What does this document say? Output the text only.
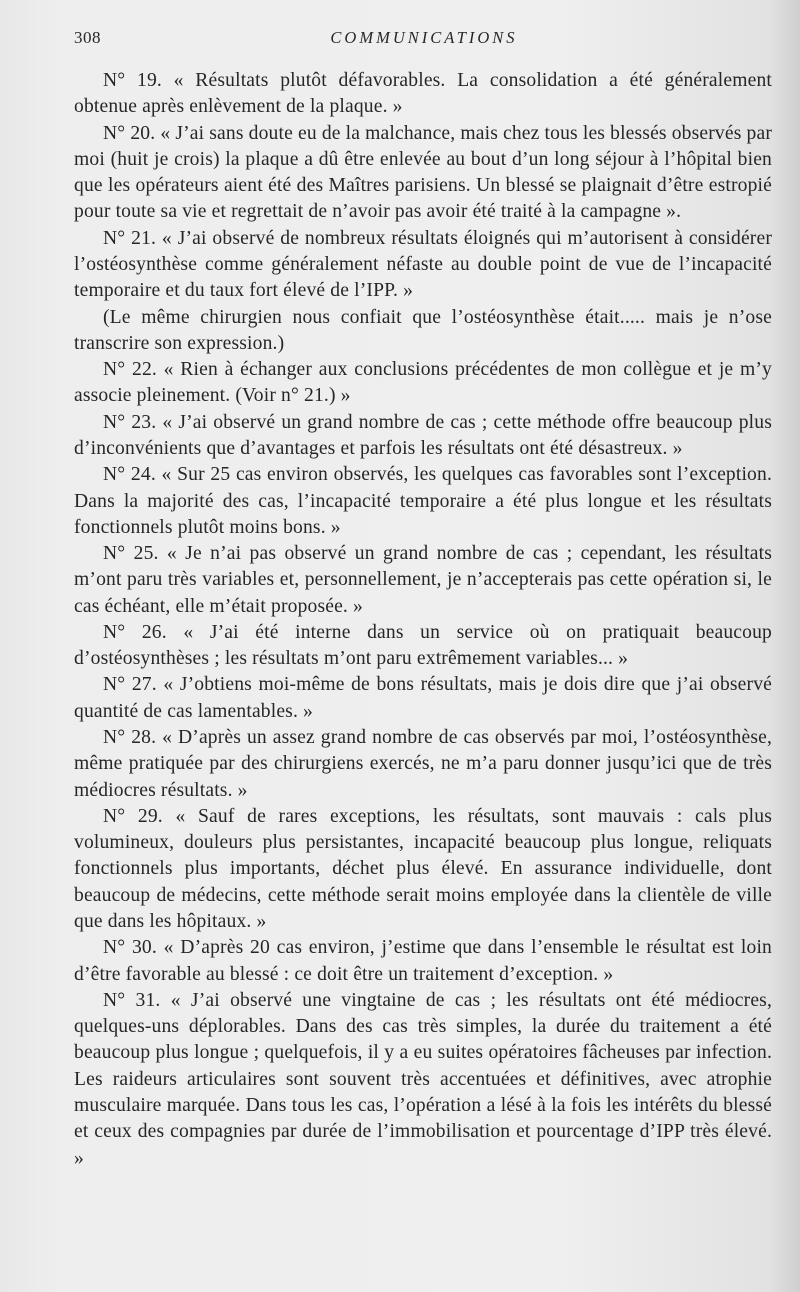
308	COMMUNICATIONS

N° 19. « Résultats plutôt défavorables. La consolidation a été généralement obtenue après enlèvement de la plaque. »

N° 20. « J’ai sans doute eu de la malchance, mais chez tous les blessés observés par moi (huit je crois) la plaque a dû être enlevée au bout d’un long séjour à l’hôpital bien que les opérateurs aient été des Maîtres parisiens. Un blessé se plaignait d’être estropié pour toute sa vie et regrettait de n’avoir pas avoir été traité à la campagne ».

N° 21. « J’ai observé de nombreux résultats éloignés qui m’autorisent à considérer l’ostéosynthèse comme généralement néfaste au double point de vue de l’incapacité temporaire et du taux fort élevé de l’IPP. »

(Le même chirurgien nous confiait que l’ostéosynthèse était..... mais je n’ose transcrire son expression.)

N° 22. « Rien à échanger aux conclusions précédentes de mon collègue et je m’y associe pleinement. (Voir n° 21.) »

N° 23. « J’ai observé un grand nombre de cas ; cette méthode offre beaucoup plus d’inconvénients que d’avantages et parfois les résultats ont été désastreux. »

N° 24. « Sur 25 cas environ observés, les quelques cas favorables sont l’exception. Dans la majorité des cas, l’incapacité temporaire a été plus longue et les résultats fonctionnels plutôt moins bons. »

N° 25. « Je n’ai pas observé un grand nombre de cas ; cependant, les résultats m’ont paru très variables et, personnellement, je n’accepterais pas cette opération si, le cas échéant, elle m’était proposée. »

N° 26. « J’ai été interne dans un service où on pratiquait beaucoup d’ostéosynthèses ; les résultats m’ont paru extrêmement variables... »

N° 27. « J’obtiens moi-même de bons résultats, mais je dois dire que j’ai observé quantité de cas lamentables. »

N° 28. « D’après un assez grand nombre de cas observés par moi, l’ostéosynthèse, même pratiquée par des chirurgiens exercés, ne m’a paru donner jusqu’ici que de très médiocres résultats. »

N° 29. « Sauf de rares exceptions, les résultats, sont mauvais : cals plus volumineux, douleurs plus persistantes, incapacité beaucoup plus longue, reliquats fonctionnels plus importants, déchet plus élevé. En assurance individuelle, dont beaucoup de médecins, cette méthode serait moins employée dans la clientèle de ville que dans les hôpitaux. »

N° 30. « D’après 20 cas environ, j’estime que dans l’ensemble le résultat est loin d’être favorable au blessé : ce doit être un traitement d’exception. »

N° 31. « J’ai observé une vingtaine de cas ; les résultats ont été médiocres, quelques-uns déplorables. Dans des cas très simples, la durée du traitement a été beaucoup plus longue ; quelquefois, il y a eu suites opératoires fâcheuses par infection. Les raideurs articulaires sont souvent très accentuées et définitives, avec atrophie musculaire marquée. Dans tous les cas, l’opération a lésé à la fois les intérêts du blessé et ceux des compagnies par durée de l’immobilisation et pourcentage d’IPP très élevé. »
